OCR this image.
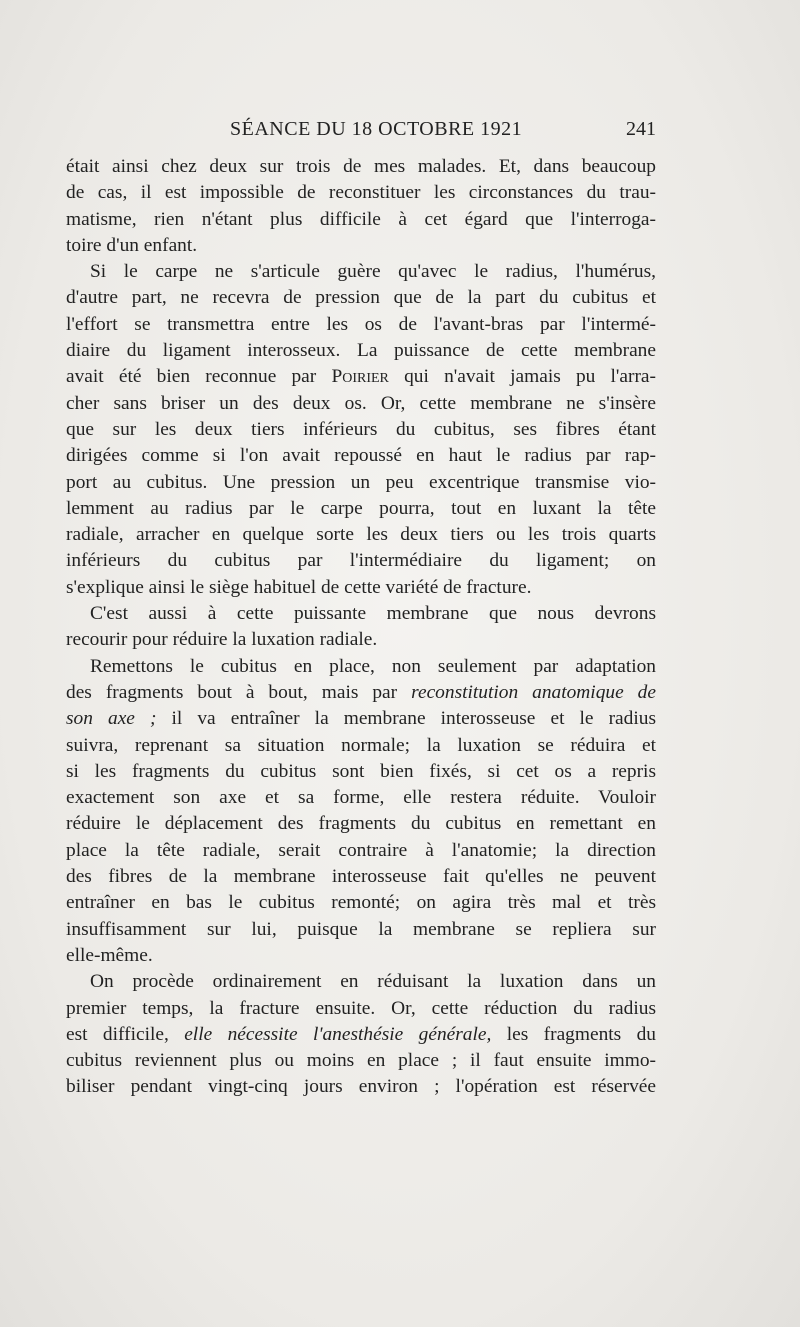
SÉANCE DU 18 OCTOBRE 1921	241
était ainsi chez deux sur trois de mes malades. Et, dans beaucoup
de cas, il est impossible de reconstituer les circonstances du trau-
matisme, rien n'étant plus difficile à cet égard que l'interroga-
toire d'un enfant.
Si le carpe ne s'articule guère qu'avec le radius, l'humérus,
d'autre part, ne recevra de pression que de la part du cubitus et
l'effort se transmettra entre les os de l'avant-bras par l'intermé-
diaire du ligament interosseux. La puissance de cette membrane
avait été bien reconnue par Poirier qui n'avait jamais pu l'arra-
cher sans briser un des deux os. Or, cette membrane ne s'insère
que sur les deux tiers inférieurs du cubitus, ses fibres étant
dirigées comme si l'on avait repoussé en haut le radius par rap-
port au cubitus. Une pression un peu excentrique transmise vio-
lemment au radius par le carpe pourra, tout en luxant la tête
radiale, arracher en quelque sorte les deux tiers ou les trois quarts
inférieurs du cubitus par l'intermédiaire du ligament; on
s'explique ainsi le siège habituel de cette variété de fracture.
C'est aussi à cette puissante membrane que nous devrons
recourir pour réduire la luxation radiale.
Remettons le cubitus en place, non seulement par adaptation
des fragments bout à bout, mais par reconstitution anatomique de
son axe ; il va entraîner la membrane interosseuse et le radius
suivra, reprenant sa situation normale; la luxation se réduira et
si les fragments du cubitus sont bien fixés, si cet os a repris
exactement son axe et sa forme, elle restera réduite. Vouloir
réduire le déplacement des fragments du cubitus en remettant en
place la tête radiale, serait contraire à l'anatomie; la direction
des fibres de la membrane interosseuse fait qu'elles ne peuvent
entraîner en bas le cubitus remonté; on agira très mal et très
insuffisamment sur lui, puisque la membrane se repliera sur
elle-même.
On procède ordinairement en réduisant la luxation dans un
premier temps, la fracture ensuite. Or, cette réduction du radius
est difficile, elle nécessite l'anesthésie générale, les fragments du
cubitus reviennent plus ou moins en place ; il faut ensuite immo-
biliser pendant vingt-cinq jours environ ; l'opération est réservée
